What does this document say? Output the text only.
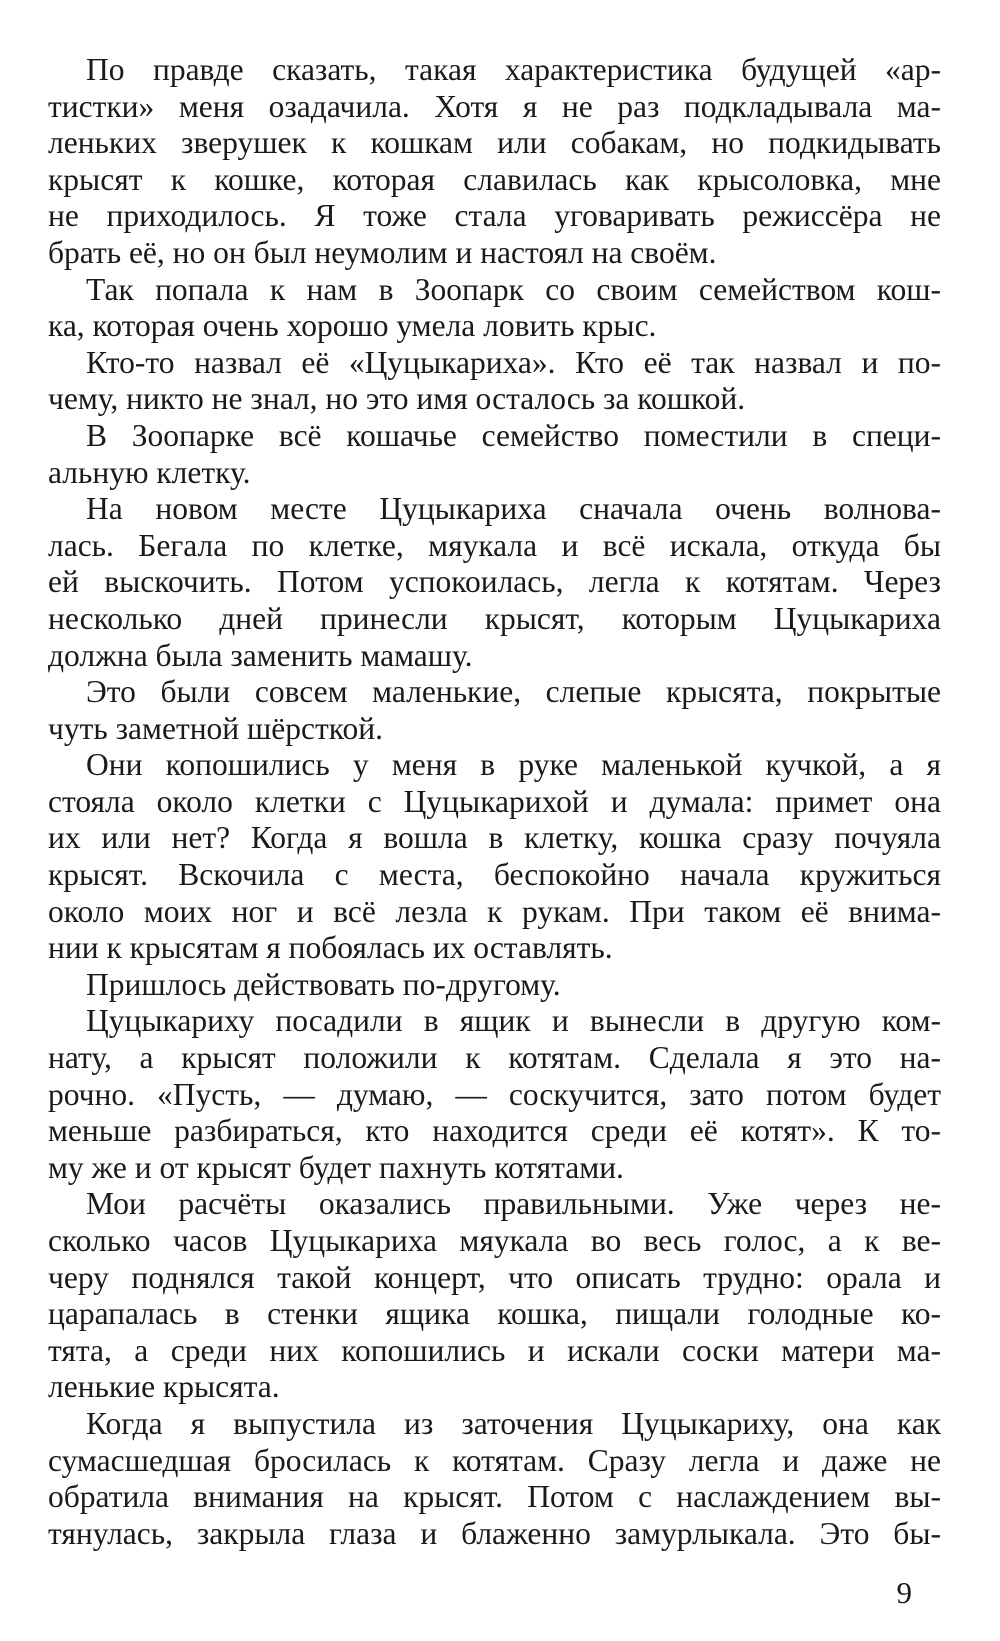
По правде сказать, такая характеристика будущей «ар-
тистки» меня озадачила. Хотя я не раз подкладывала ма-
леньких зверушек к кошкам или собакам, но подкидывать
крысят к кошке, которая славилась как крысоловка, мне
не приходилось. Я тоже стала уговаривать режиссёра не
брать её, но он был неумолим и настоял на своём.
Так попала к нам в Зоопарк со своим семейством кош-
ка, которая очень хорошо умела ловить крыс.
Кто-то назвал её «Цуцыкариха». Кто её так назвал и по-
чему, никто не знал, но это имя осталось за кошкой.
В Зоопарке всё кошачье семейство поместили в специ-
альную клетку.
На новом месте Цуцыкариха сначала очень волнова-
лась. Бегала по клетке, мяукала и всё искала, откуда бы
ей выскочить. Потом успокоилась, легла к котятам. Через
несколько дней принесли крысят, которым Цуцыкариха
должна была заменить мамашу.
Это были совсем маленькие, слепые крысята, покрытые
чуть заметной шёрсткой.
Они копошились у меня в руке маленькой кучкой, а я
стояла около клетки с Цуцыкарихой и думала: примет она
их или нет? Когда я вошла в клетку, кошка сразу почуяла
крысят. Вскочила с места, беспокойно начала кружиться
около моих ног и всё лезла к рукам. При таком её внима-
нии к крысятам я побоялась их оставлять.
Пришлось действовать по-другому.
Цуцыкариху посадили в ящик и вынесли в другую ком-
нату, а крысят положили к котятам. Сделала я это на-
рочно. «Пусть, — думаю, — соскучится, зато потом будет
меньше разбираться, кто находится среди её котят». К то-
му же и от крысят будет пахнуть котятами.
Мои расчёты оказались правильными. Уже через не-
сколько часов Цуцыкариха мяукала во весь голос, а к ве-
черу поднялся такой концерт, что описать трудно: орала и
царапалась в стенки ящика кошка, пищали голодные ко-
тята, а среди них копошились и искали соски матери ма-
ленькие крысята.
Когда я выпустила из заточения Цуцыкариху, она как
сумасшедшая бросилась к котятам. Сразу легла и даже не
обратила внимания на крысят. Потом с наслаждением вы-
тянулась, закрыла глаза и блаженно замурлыкала. Это бы-
9
